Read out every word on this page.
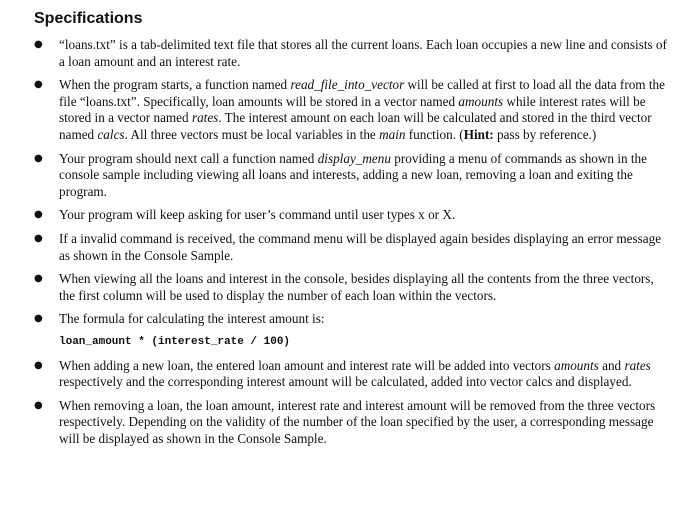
Specifications
● “loans.txt” is a tab-delimited text file that stores all the current loans. Each loan occupies a new line and consists of a loan amount and an interest rate.
● When the program starts, a function named read_file_into_vector will be called at first to load all the data from the file “loans.txt”. Specifically, loan amounts will be stored in a vector named amounts while interest rates will be stored in a vector named rates. The interest amount on each loan will be calculated and stored in the third vector named calcs. All three vectors must be local variables in the main function. (Hint: pass by reference.)
● Your program should next call a function named display_menu providing a menu of commands as shown in the console sample including viewing all loans and interests, adding a new loan, removing a loan and exiting the program.
● Your program will keep asking for user’s command until user types x or X.
● If a invalid command is received, the command menu will be displayed again besides displaying an error message as shown in the Console Sample.
● When viewing all the loans and interest in the console, besides displaying all the contents from the three vectors, the first column will be used to display the number of each loan within the vectors.
● The formula for calculating the interest amount is:
loan_amount * (interest_rate / 100)
● When adding a new loan, the entered loan amount and interest rate will be added into vectors amounts and rates respectively and the corresponding interest amount will be calculated, added into vector calcs and displayed.
● When removing a loan, the loan amount, interest rate and interest amount will be removed from the three vectors respectively. Depending on the validity of the number of the loan specified by the user, a corresponding message will be displayed as shown in the Console Sample.
